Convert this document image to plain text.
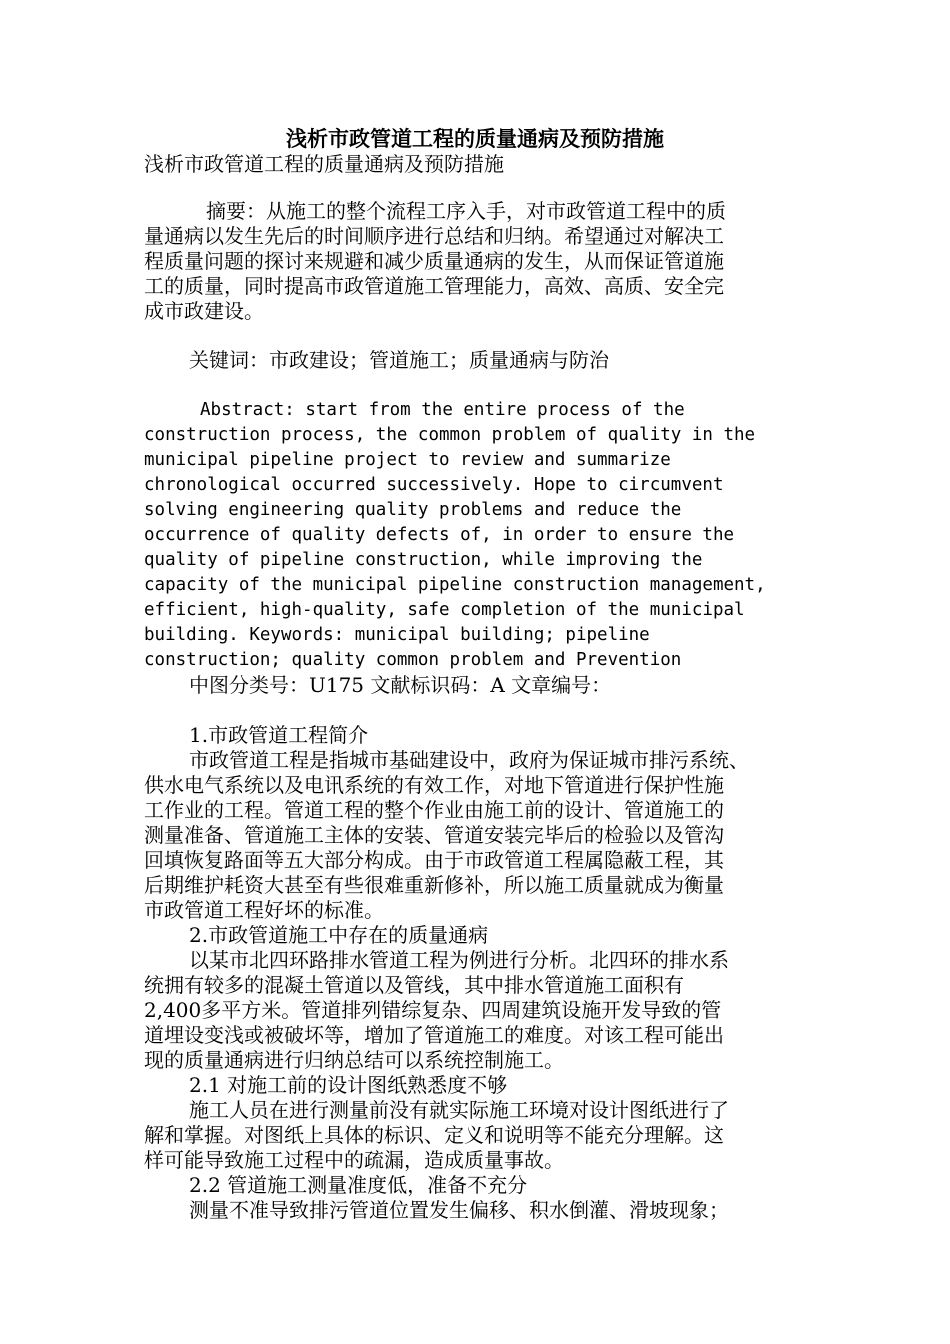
浅析市政管道工程的质量通病及预防措施
浅析市政管道工程的质量通病及预防措施
摘要：从施工的整个流程工序入手，对市政管道工程中的质
量通病以发生先后的时间顺序进行总结和归纳。希望通过对解决工
程质量问题的探讨来规避和减少质量通病的发生，从而保证管道施
工的质量，同时提高市政管道施工管理能力，高效、高质、安全完
成市政建设。
关键词：市政建设；管道施工；质量通病与防治
Abstract: start from the entire process of the
construction process, the common problem of quality in the
municipal pipeline project to review and summarize
chronological occurred successively. Hope to circumvent
solving engineering quality problems and reduce the
occurrence of quality defects of, in order to ensure the
quality of pipeline construction, while improving the
capacity of the municipal pipeline construction management,
efficient, high-quality, safe completion of the municipal
building. Keywords: municipal building; pipeline
construction; quality common problem and Prevention
中图分类号：U175 文献标识码：A 文章编号：
1.市政管道工程简介
市政管道工程是指城市基础建设中，政府为保证城市排污系统、
供水电气系统以及电讯系统的有效工作，对地下管道进行保护性施
工作业的工程。管道工程的整个作业由施工前的设计、管道施工的
测量准备、管道施工主体的安装、管道安装完毕后的检验以及管沟
回填恢复路面等五大部分构成。由于市政管道工程属隐蔽工程，其
后期维护耗资大甚至有些很难重新修补，所以施工质量就成为衡量
市政管道工程好坏的标准。
2.市政管道施工中存在的质量通病
以某市北四环路排水管道工程为例进行分析。北四环的排水系
统拥有较多的混凝土管道以及管线，其中排水管道施工面积有
2,400多平方米。管道排列错综复杂、四周建筑设施开发导致的管
道埋设变浅或被破坏等，增加了管道施工的难度。对该工程可能出
现的质量通病进行归纳总结可以系统控制施工。
2.1 对施工前的设计图纸熟悉度不够
施工人员在进行测量前没有就实际施工环境对设计图纸进行了
解和掌握。对图纸上具体的标识、定义和说明等不能充分理解。这
样可能导致施工过程中的疏漏，造成质量事故。
2.2 管道施工测量准度低，准备不充分
测量不准导致排污管道位置发生偏移、积水倒灌、滑坡现象；
